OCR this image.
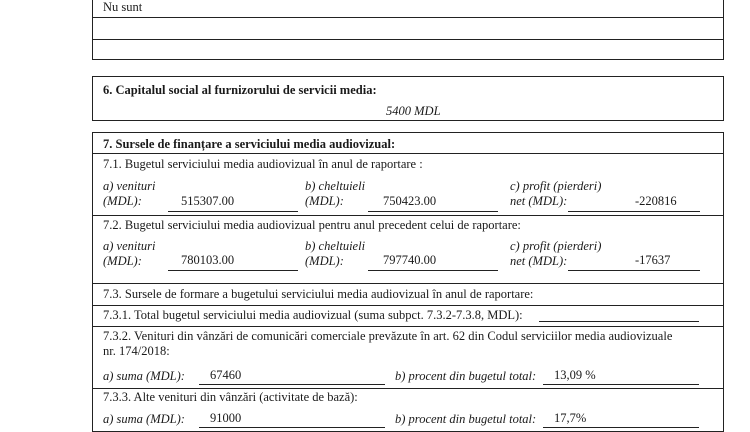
Nu sunt
6. Capitalul social al furnizorului de servicii media:
5400 MDL
7. Sursele de finanțare a serviciului media audiovizual:
7.1. Bugetul serviciului media audiovizual în anul de raportare :
a) venituri
(MDL):	515307.00
b) cheltuieli
(MDL):	750423.00
c) profit (pierderi)
net (MDL):	-220816
7.2. Bugetul serviciului media audiovizual pentru anul precedent celui de raportare:
a) venituri
(MDL):	780103.00
b) cheltuieli
(MDL):	797740.00
c) profit (pierderi)
net (MDL):	-17637
7.3. Sursele de formare a bugetului serviciului media audiovizual în anul de raportare:
7.3.1. Total bugetul serviciului media audiovizual (suma subpct. 7.3.2-7.3.8, MDL):
7.3.2. Venituri din vânzări de comunicări comerciale prevăzute în art. 62 din Codul serviciilor media audiovizuale
nr. 174/2018:
a) suma (MDL): 67460	b) procent din bugetul total: 13,09 %
7.3.3. Alte venituri din vânzări (activitate de bază):
a) suma (MDL): 91000	b) procent din bugetul total: 17,7%
